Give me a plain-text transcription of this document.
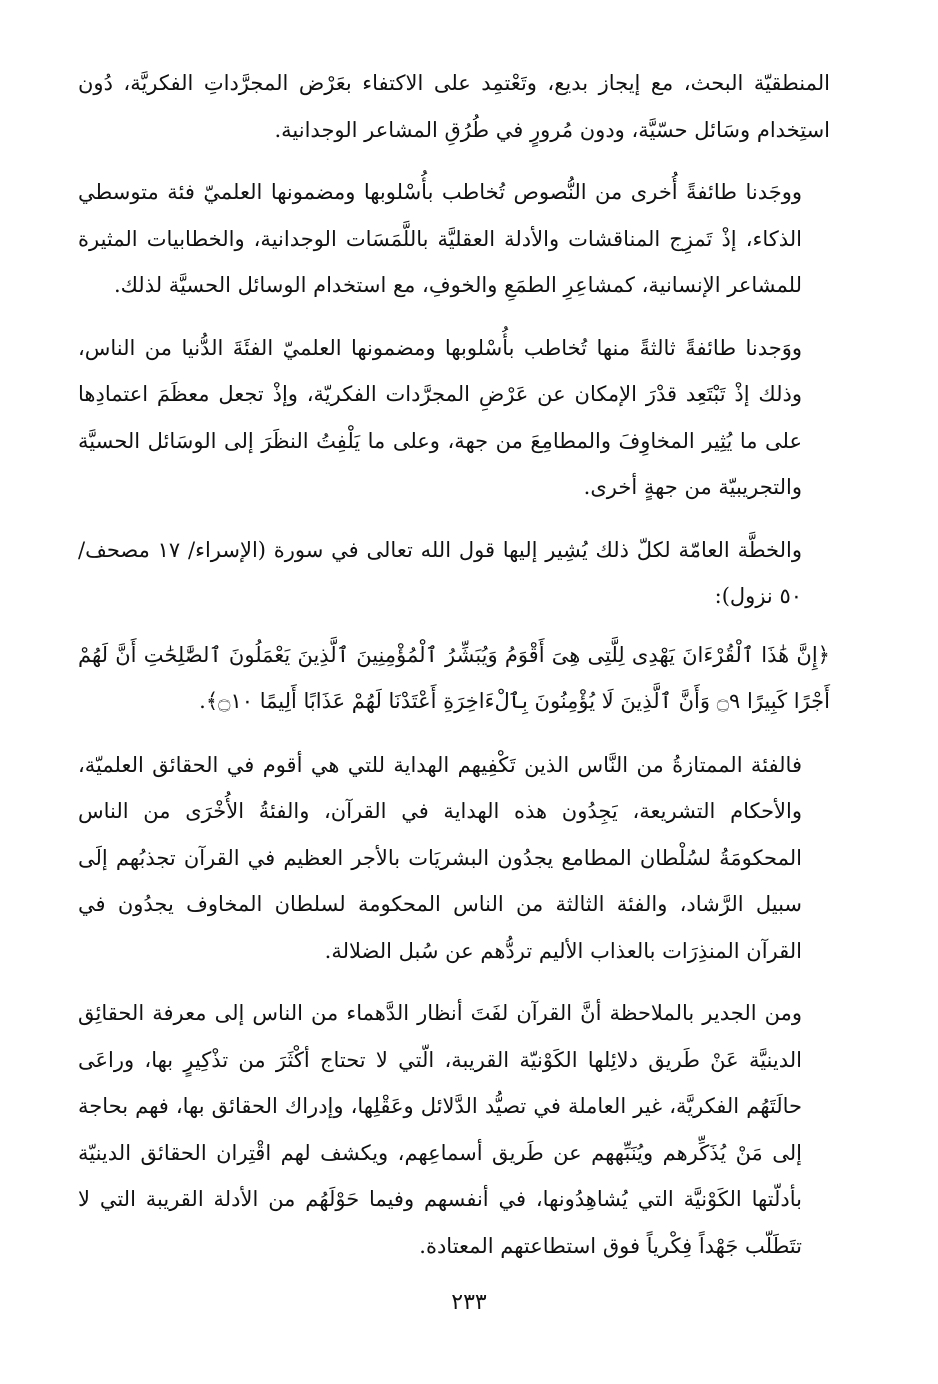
المنطقيّة البحث، مع إيجاز بديع، وتَعْتمِد على الاكتفاء بعَرْض المجرَّداتِ الفكريَّة، دُون استِخدام وسَائل حسّيَّة، ودون مُرورٍ في طُرُقِ المشاعر الوجدانية.

ووجَدنا طائفةً أُخرى من النُّصوص تُخاطب بأُسْلوبها ومضمونها العلميّ فئة متوسطي الذكاء، إذْ تَمزِج المناقشات والأدلة العقليَّة باللَّمَسَات الوجدانية، والخطابيات المثيرة للمشاعر الإنسانية، كمشاعِرِ الطمَعِ والخوفِ، مع استخدام الوسائل الحسيَّة لذلك.

ووَجدنا طائفةً ثالثةً منها تُخاطب بأُسْلوبها ومضمونها العلميّ الفئَةَ الدُّنيا من الناس، وذلك إذْ تَبْتَعِد قدْرَ الإمكان عن عَرْضِ المجرَّدات الفكريّة، وإذْ تجعل معظَمَ اعتمادِها على ما يُثِير المخاوِفَ والمطامِعَ من جهة، وعلى ما يَلْفِتُ النظَرَ إلى الوسَائل الحسيَّة والتجريبيّة من جهةٍ أخرى.

والخطَّة العامّة لكلّ ذلك يُشِير إليها قول الله تعالى في سورة (الإسراء/ ١٧ مصحف/ ٥٠ نزول):

﴿إِنَّ هَٰذَا ٱلْقُرْءَانَ يَهْدِى لِلَّتِى هِىَ أَقْوَمُ وَيُبَشِّرُ ٱلْمُؤْمِنِينَ ٱلَّذِينَ يَعْمَلُونَ ٱلصَّٰلِحَٰتِ أَنَّ لَهُمْ أَجْرًا كَبِيرًا ۝٩ وَأَنَّ ٱلَّذِينَ لَا يُؤْمِنُونَ بِٱلْءَاخِرَةِ أَعْتَدْنَا لَهُمْ عَذَابًا أَلِيمًا ۝١٠﴾.

فالفئة الممتازةُ من النَّاس الذين تَكْفِيهم الهداية للتي هي أقوم في الحقائق العلميّة، والأحكام التشريعة، يَجِدُون هذه الهداية في القرآن، والفئةُ الأُخْرَى من الناس المحكومَةُ لسُلْطان المطامع يجدُون البشريَات بالأجر العظيم في القرآن تجذبُهم إلَى سبيل الرَّشاد، والفئة الثالثة من الناس المحكومة لسلطان المخاوف يجدُون في القرآن المنذِرَات بالعذاب الأليم تردُّهم عن سُبل الضلالة.

ومن الجدير بالملاحظة أنَّ القرآن لفَتَ أنظار الدَّهماء من الناس إلى معرفة الحقائِق الدينيَّة عَنْ طَريق دلائِلها الكَوْنيّة القريبة، الّتي لا تحتاج أكْثَرَ من تذْكِيرٍ بها، وراعَى حالَتَهُم الفكريَّة، غير العاملة في تصيُّد الدَّلائل وعَقْلِها، وإدراك الحقائق بها، فهم بحاجة إلى مَنْ يُذَكِّرهم ويُنَبِّههم عن طَريق أسماعِهم، ويكشف لهم اقْتِران الحقائق الدينيّة بأدلّتها الكَوْنيَّة التي يُشاهِدُونها، في أنفسهم وفيما حَوْلَهُم من الأدلة القريبة التي لا تتَطَلّب جَهْداً فِكْرياً فوق استطاعتهم المعتادة.

٢٣٣
